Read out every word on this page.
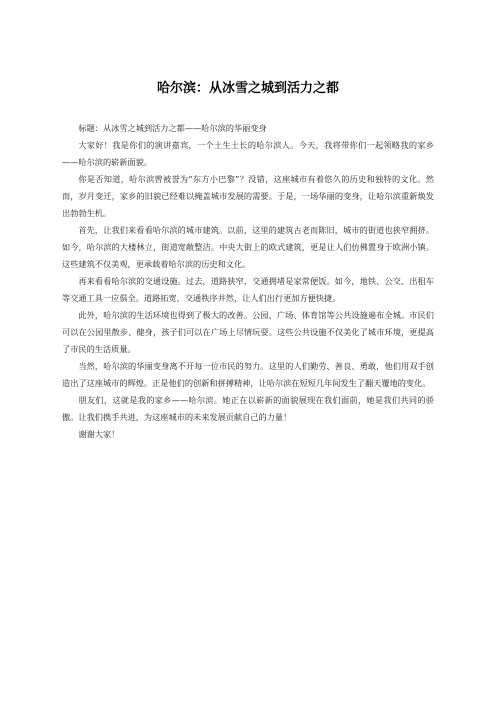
哈尔滨：从冰雪之城到活力之都

标题：从冰雪之城到活力之都——哈尔滨的华丽变身

大家好！我是你们的演讲嘉宾，一个土生土长的哈尔滨人。今天，我将带你们一起领略我的家乡——哈尔滨的崭新面貌。

你是否知道，哈尔滨曾被誉为“东方小巴黎”？没错，这座城市有着悠久的历史和独特的文化。然而，岁月变迁，家乡的旧貌已经难以掩盖城市发展的需要。于是，一场华丽的变身，让哈尔滨重新焕发出勃勃生机。

首先，让我们来看看哈尔滨的城市建筑。以前，这里的建筑古老而陈旧，城市的街道也狭窄拥挤。如今，哈尔滨的大楼林立，街道宽敞整洁。中央大街上的欧式建筑，更是让人们仿佛置身于欧洲小镇。这些建筑不仅美观，更承载着哈尔滨的历史和文化。

再来看看哈尔滨的交通设施。过去，道路狭窄，交通拥堵是家常便饭。如今，地铁、公交、出租车等交通工具一应俱全。道路拓宽，交通秩序井然，让人们出行更加方便快捷。

此外，哈尔滨的生活环境也得到了极大的改善。公园、广场、体育馆等公共设施遍布全城。市民们可以在公园里散步、健身，孩子们可以在广场上尽情玩耍。这些公共设施不仅美化了城市环境，更提高了市民的生活质量。

当然，哈尔滨的华丽变身离不开每一位市民的努力。这里的人们勤劳、善良、勇敢，他们用双手创造出了这座城市的辉煌。正是他们的创新和拼搏精神，让哈尔滨在短短几年间发生了翻天覆地的变化。

朋友们，这就是我的家乡——哈尔滨。她正在以崭新的面貌展现在我们面前，她是我们共同的骄傲。让我们携手共进，为这座城市的未来发展贡献自己的力量！

谢谢大家！
